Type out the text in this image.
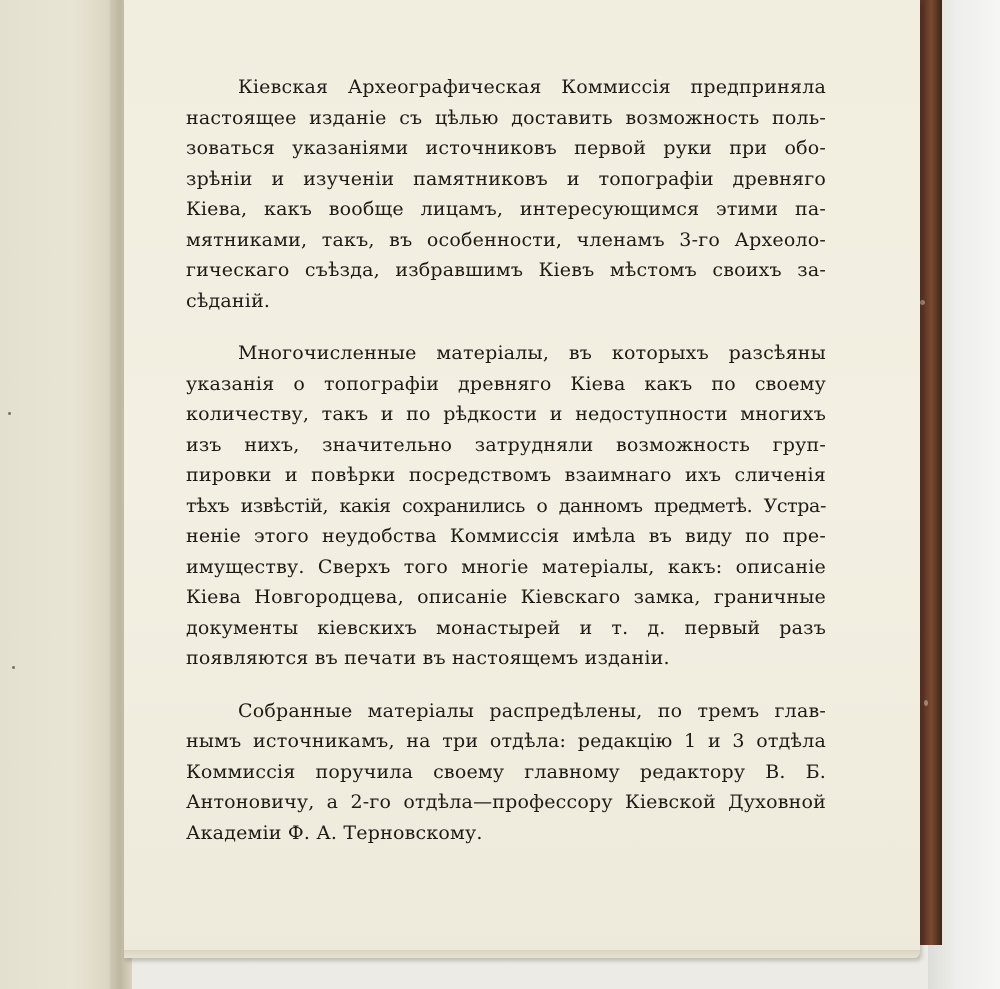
Кіевская Археографическая Коммиссія предприняла
настоящее изданіе съ цѣлью доставить возможность поль-
зоваться указаніями источниковъ первой руки при обо-
зрѣніи и изученіи памятниковъ и топографіи древняго
Кіева, какъ вообще лицамъ, интересующимся этими па-
мятниками, такъ, въ особенности, членамъ 3-го Археоло-
гическаго съѣзда, избравшимъ Кіевъ мѣстомъ своихъ за-
сѣданій.
Многочисленные матеріалы, въ которыхъ разсѣяны
указанія о топографіи древняго Кіева какъ по своему
количеству, такъ и по рѣдкости и недоступности многихъ
изъ нихъ, значительно затрудняли возможность груп-
пировки и повѣрки посредствомъ взаимнаго ихъ сличенія
тѣхъ извѣстій, какія сохранились о данномъ предметѣ. Устра-
неніе этого неудобства Коммиссія имѣла въ виду по пре-
имуществу. Сверхъ того многіе матеріалы, какъ: описаніе
Кіева Новгородцева, описаніе Кіевскаго замка, граничные
документы кіевскихъ монастырей и т. д. первый разъ
появляются въ печати въ настоящемъ изданіи.
Собранные матеріалы распредѣлены, по тремъ глав-
нымъ источникамъ, на три отдѣла: редакцію 1 и 3 отдѣла
Коммиссія поручила своему главному редактору В. Б.
Антоновичу, а 2-го отдѣла—профессору Кіевской Духовной
Академіи Ф. А. Терновскому.
